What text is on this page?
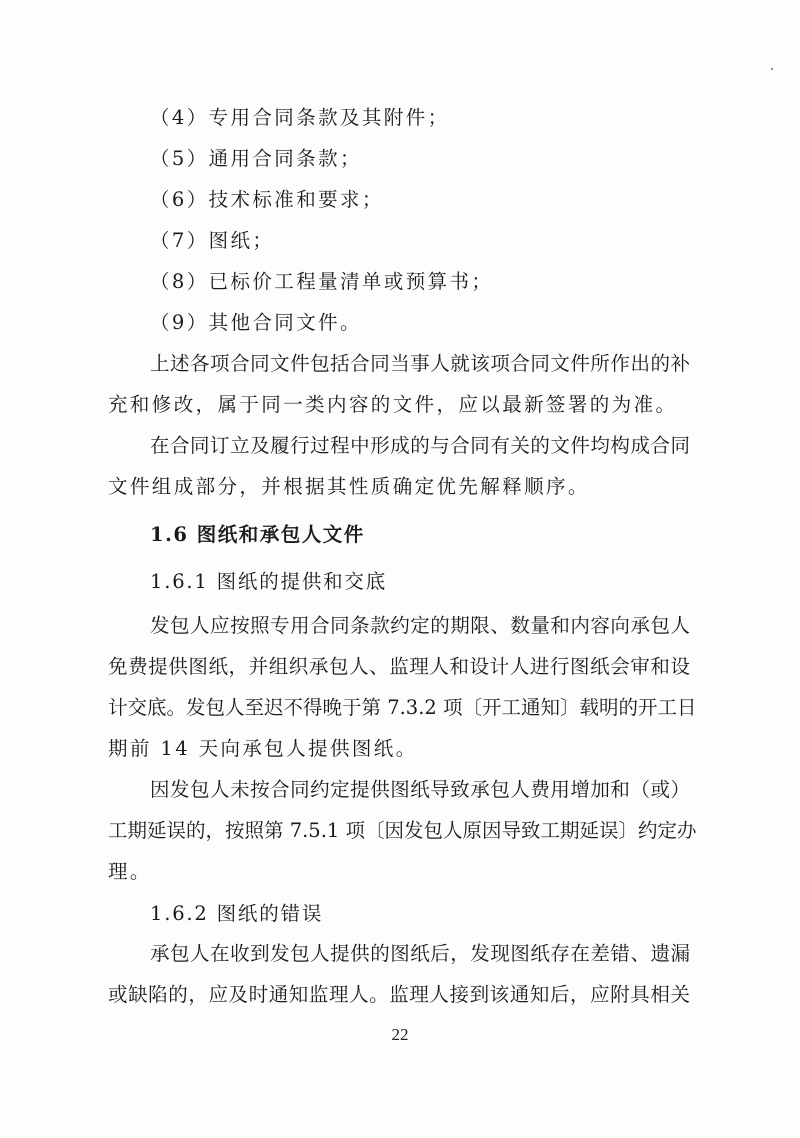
（4）专用合同条款及其附件；
（5）通用合同条款；
（6）技术标准和要求；
（7）图纸；
（8）已标价工程量清单或预算书；
（9）其他合同文件。
上述各项合同文件包括合同当事人就该项合同文件所作出的补
充和修改，属于同一类内容的文件，应以最新签署的为准。
在合同订立及履行过程中形成的与合同有关的文件均构成合同
文件组成部分，并根据其性质确定优先解释顺序。
1.6 图纸和承包人文件
1.6.1 图纸的提供和交底
发包人应按照专用合同条款约定的期限、数量和内容向承包人
免费提供图纸，并组织承包人、监理人和设计人进行图纸会审和设
计交底。发包人至迟不得晚于第 7.3.2 项〔开工通知〕载明的开工日
期前 14 天向承包人提供图纸。
因发包人未按合同约定提供图纸导致承包人费用增加和（或）
工期延误的，按照第 7.5.1 项〔因发包人原因导致工期延误〕约定办
理。
1.6.2 图纸的错误
承包人在收到发包人提供的图纸后，发现图纸存在差错、遗漏
或缺陷的，应及时通知监理人。监理人接到该通知后，应附具相关
22
